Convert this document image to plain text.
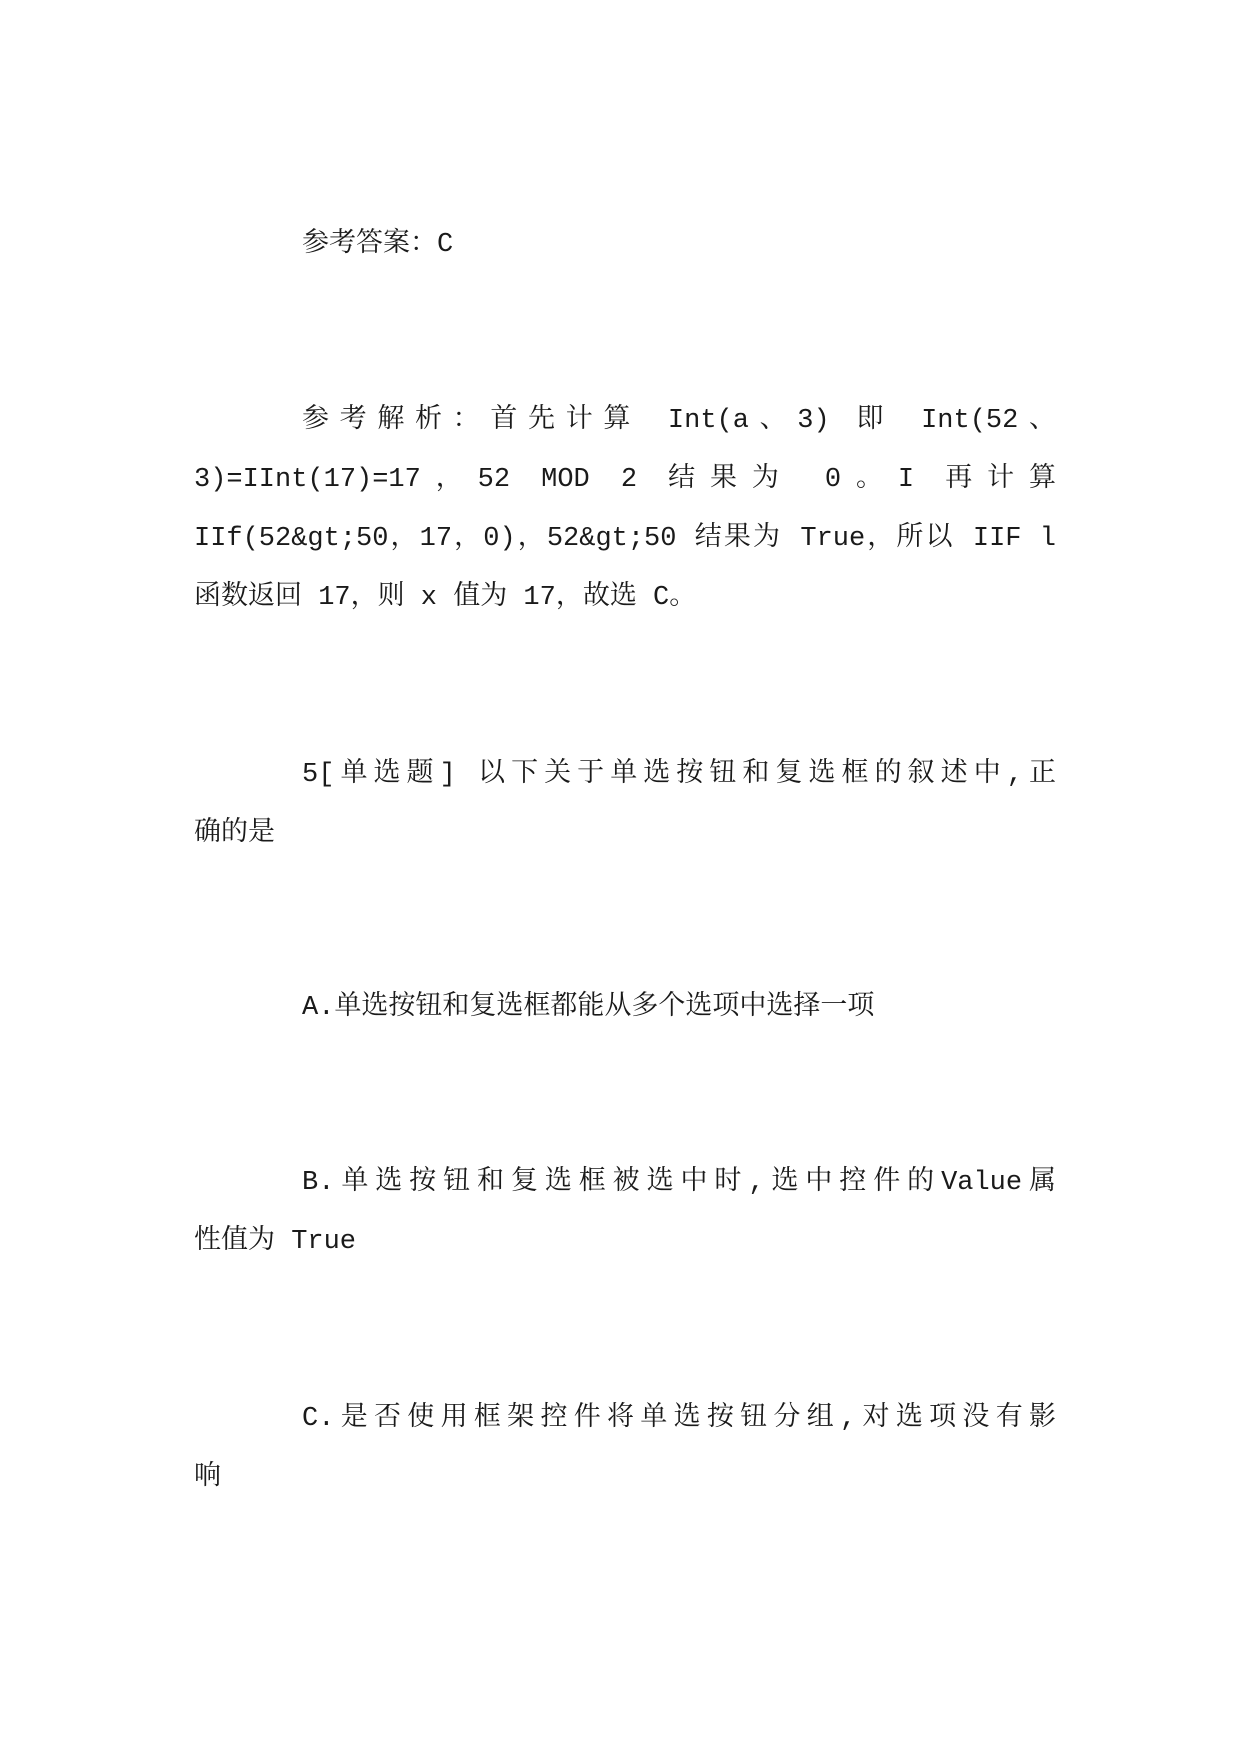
参考答案：C
参考解析：首先计算 Int(a、3) 即 Int(52、
3)=IInt(17)=17，52 MOD 2 结果为 0。I 再计算
IIf(52&gt;50，17，0)，52&gt;50 结果为 True，所以 IIF l
函数返回 17，则 x 值为 17，故选 C。
5[单选题] 以下关于单选按钮和复选框的叙述中,正
确的是
A.单选按钮和复选框都能从多个选项中选择一项
B.单选按钮和复选框被选中时,选中控件的Value属
性值为 True
C.是否使用框架控件将单选按钮分组,对选项没有影
响
